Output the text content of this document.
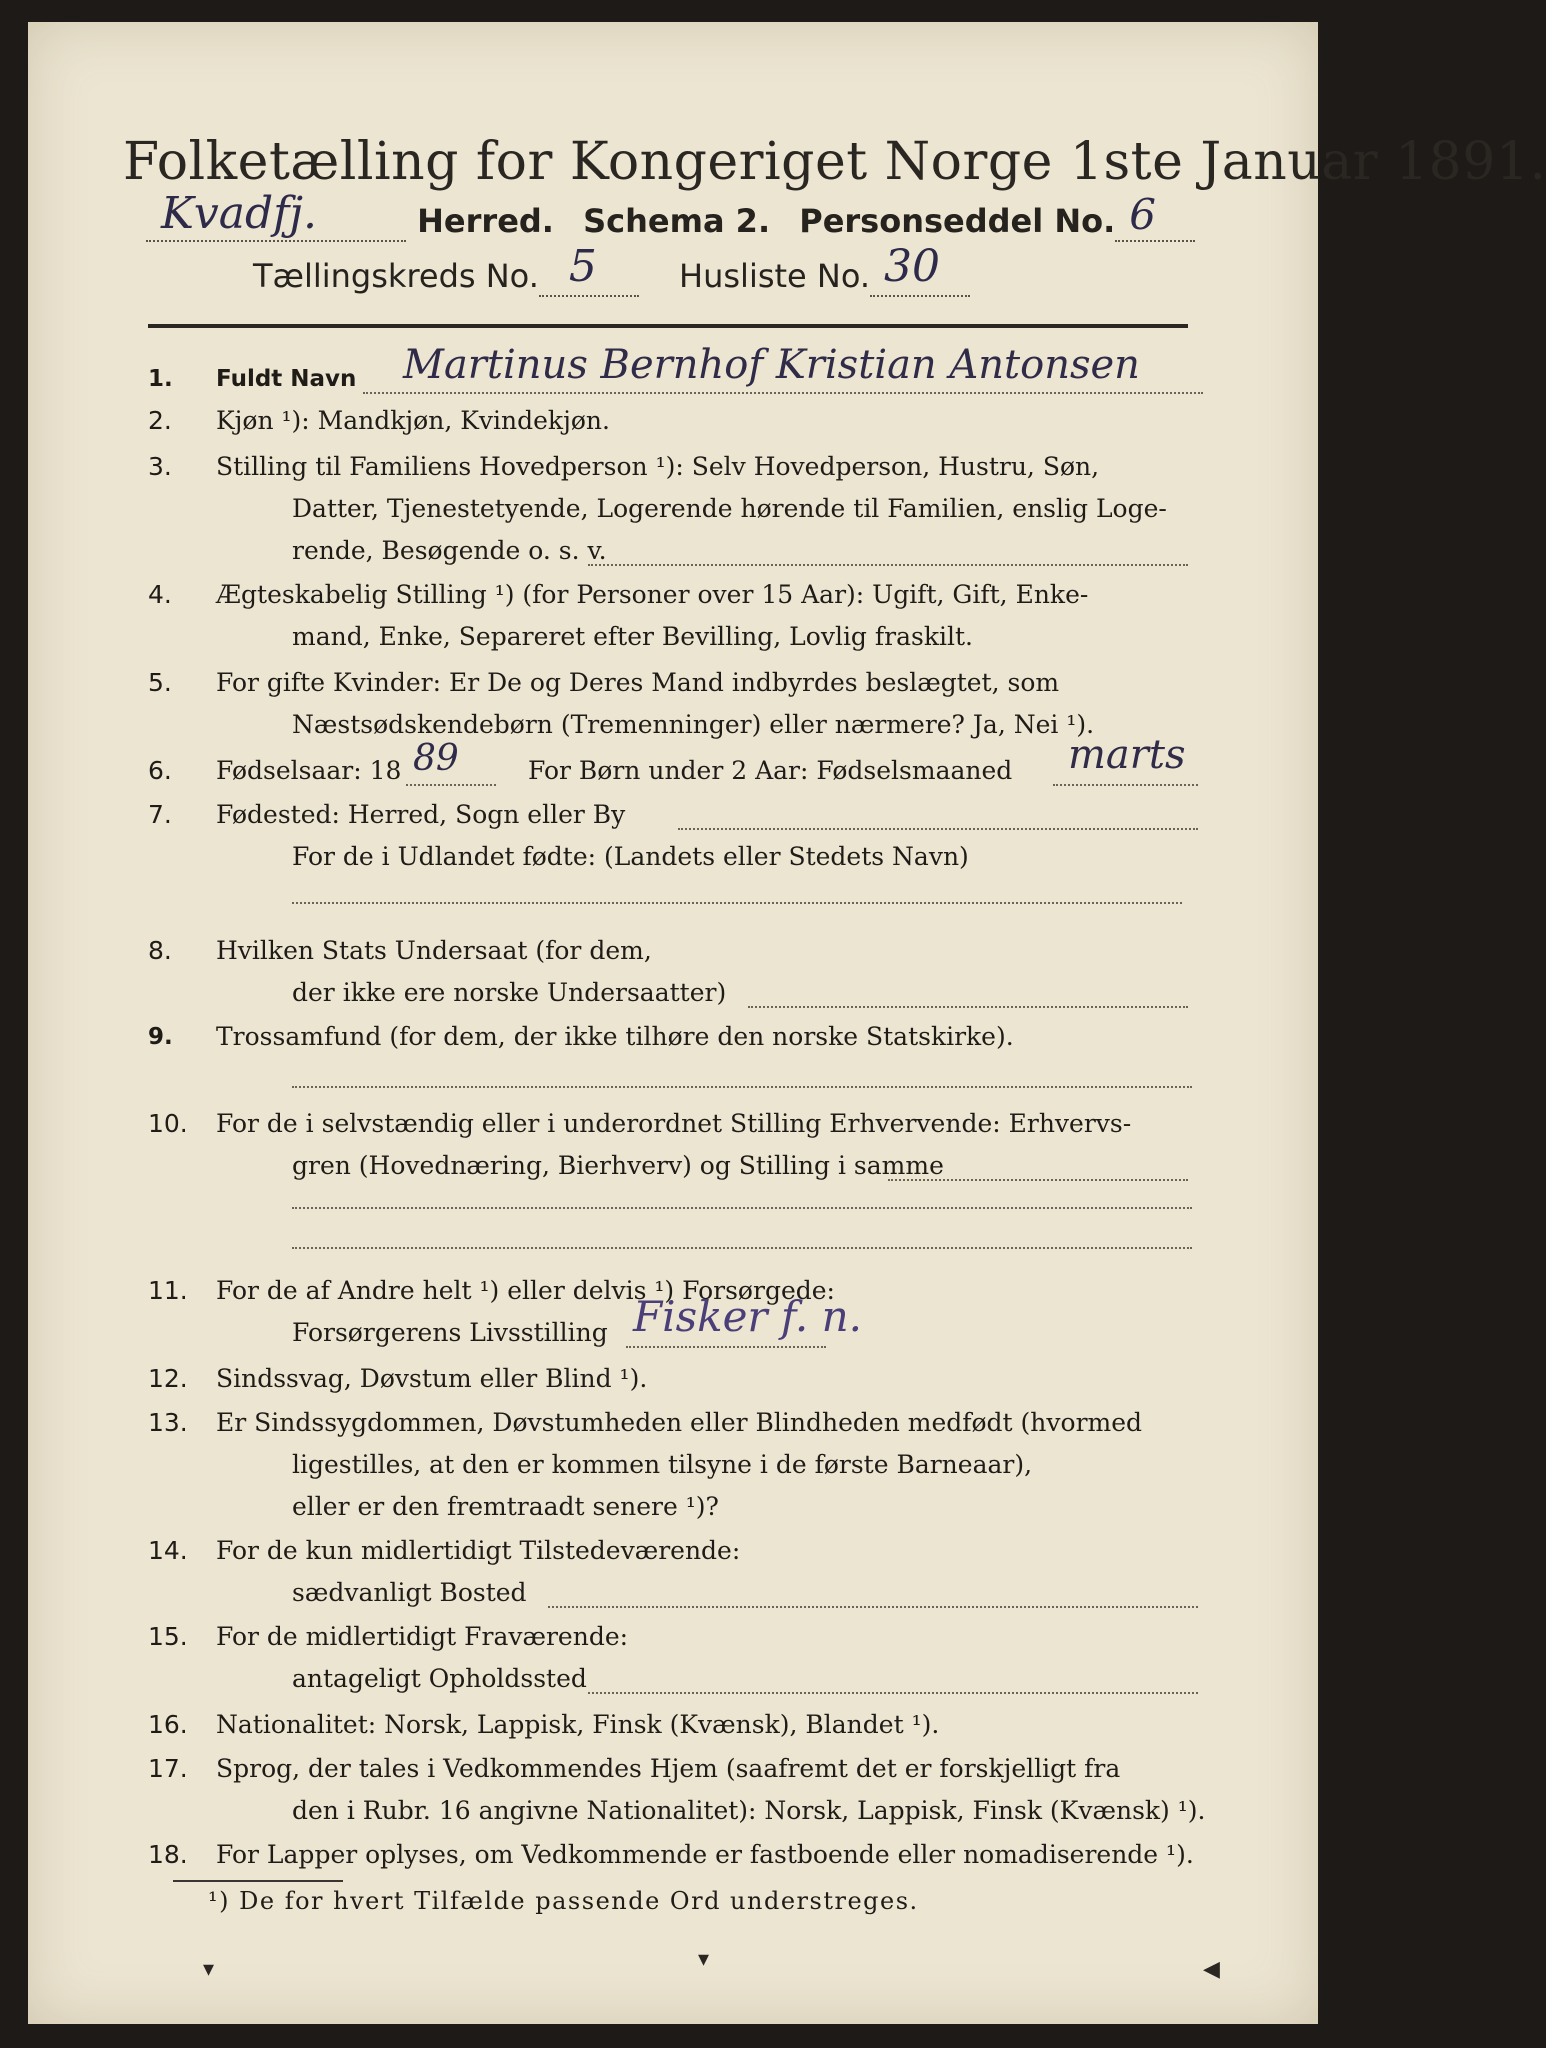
Folketælling for Kongeriget Norge 1ste Januar 1891.
Kvadfj.	Herred. Schema 2. Personseddel No. 6

Tællingskreds No. 5	Husliste No. 30

1.	Fuldt Navn Martinus Bernhof Kristian Antonsen
2.	Kjøn ¹): Mandkjøn, Kvindekjøn.
3.	Stilling til Familiens Hovedperson ¹): Selv Hovedperson, Hustru, Søn,
Datter, Tjenestetyende, Logerende hørende til Familien, enslig Loge-
rende, Besøgende o. s. v.
4.	Ægteskabelig Stilling ¹) (for Personer over 15 Aar): Ugift, Gift, Enke-
mand, Enke, Separeret efter Bevilling, Lovlig fraskilt.
5.	For gifte Kvinder: Er De og Deres Mand indbyrdes beslægtet, som
Næstsødskendebørn (Tremenninger) eller nærmere? Ja, Nei ¹).
6.	Fødselsaar: 18 89	For Børn under 2 Aar: Fødselsmaaned marts
7.	Fødested: Herred, Sogn eller By
For de i Udlandet fødte: (Landets eller Stedets Navn)
8.	Hvilken Stats Undersaat (for dem,
der ikke ere norske Undersaatter)
9.	Trossamfund (for dem, der ikke tilhøre den norske Statskirke).
10.	For de i selvstændig eller i underordnet Stilling Erhvervende: Erhvervs-
gren (Hovednæring, Bierhverv) og Stilling i samme
11.	For de af Andre helt ¹) eller delvis ¹) Forsørgede:
Forsørgerens Livsstilling Fisker f. n.
12.	Sindssvag, Døvstum eller Blind ¹).
13.	Er Sindssygdommen, Døvstumheden eller Blindheden medfødt (hvormed
ligestilles, at den er kommen tilsyne i de første Barneaar),
eller er den fremtraadt senere ¹)?
14.	For de kun midlertidigt Tilstedeværende:
sædvanligt Bosted
15.	For de midlertidigt Fraværende:
antageligt Opholdssted
16.	Nationalitet: Norsk, Lappisk, Finsk (Kvænsk), Blandet ¹).
17.	Sprog, der tales i Vedkommendes Hjem (saafremt det er forskjelligt fra
den i Rubr. 16 angivne Nationalitet): Norsk, Lappisk, Finsk (Kvænsk) ¹).
18.	For Lapper oplyses, om Vedkommende er fastboende eller nomadiserende ¹).
¹) De for hvert Tilfælde passende Ord understreges.
▾	▾	◀
